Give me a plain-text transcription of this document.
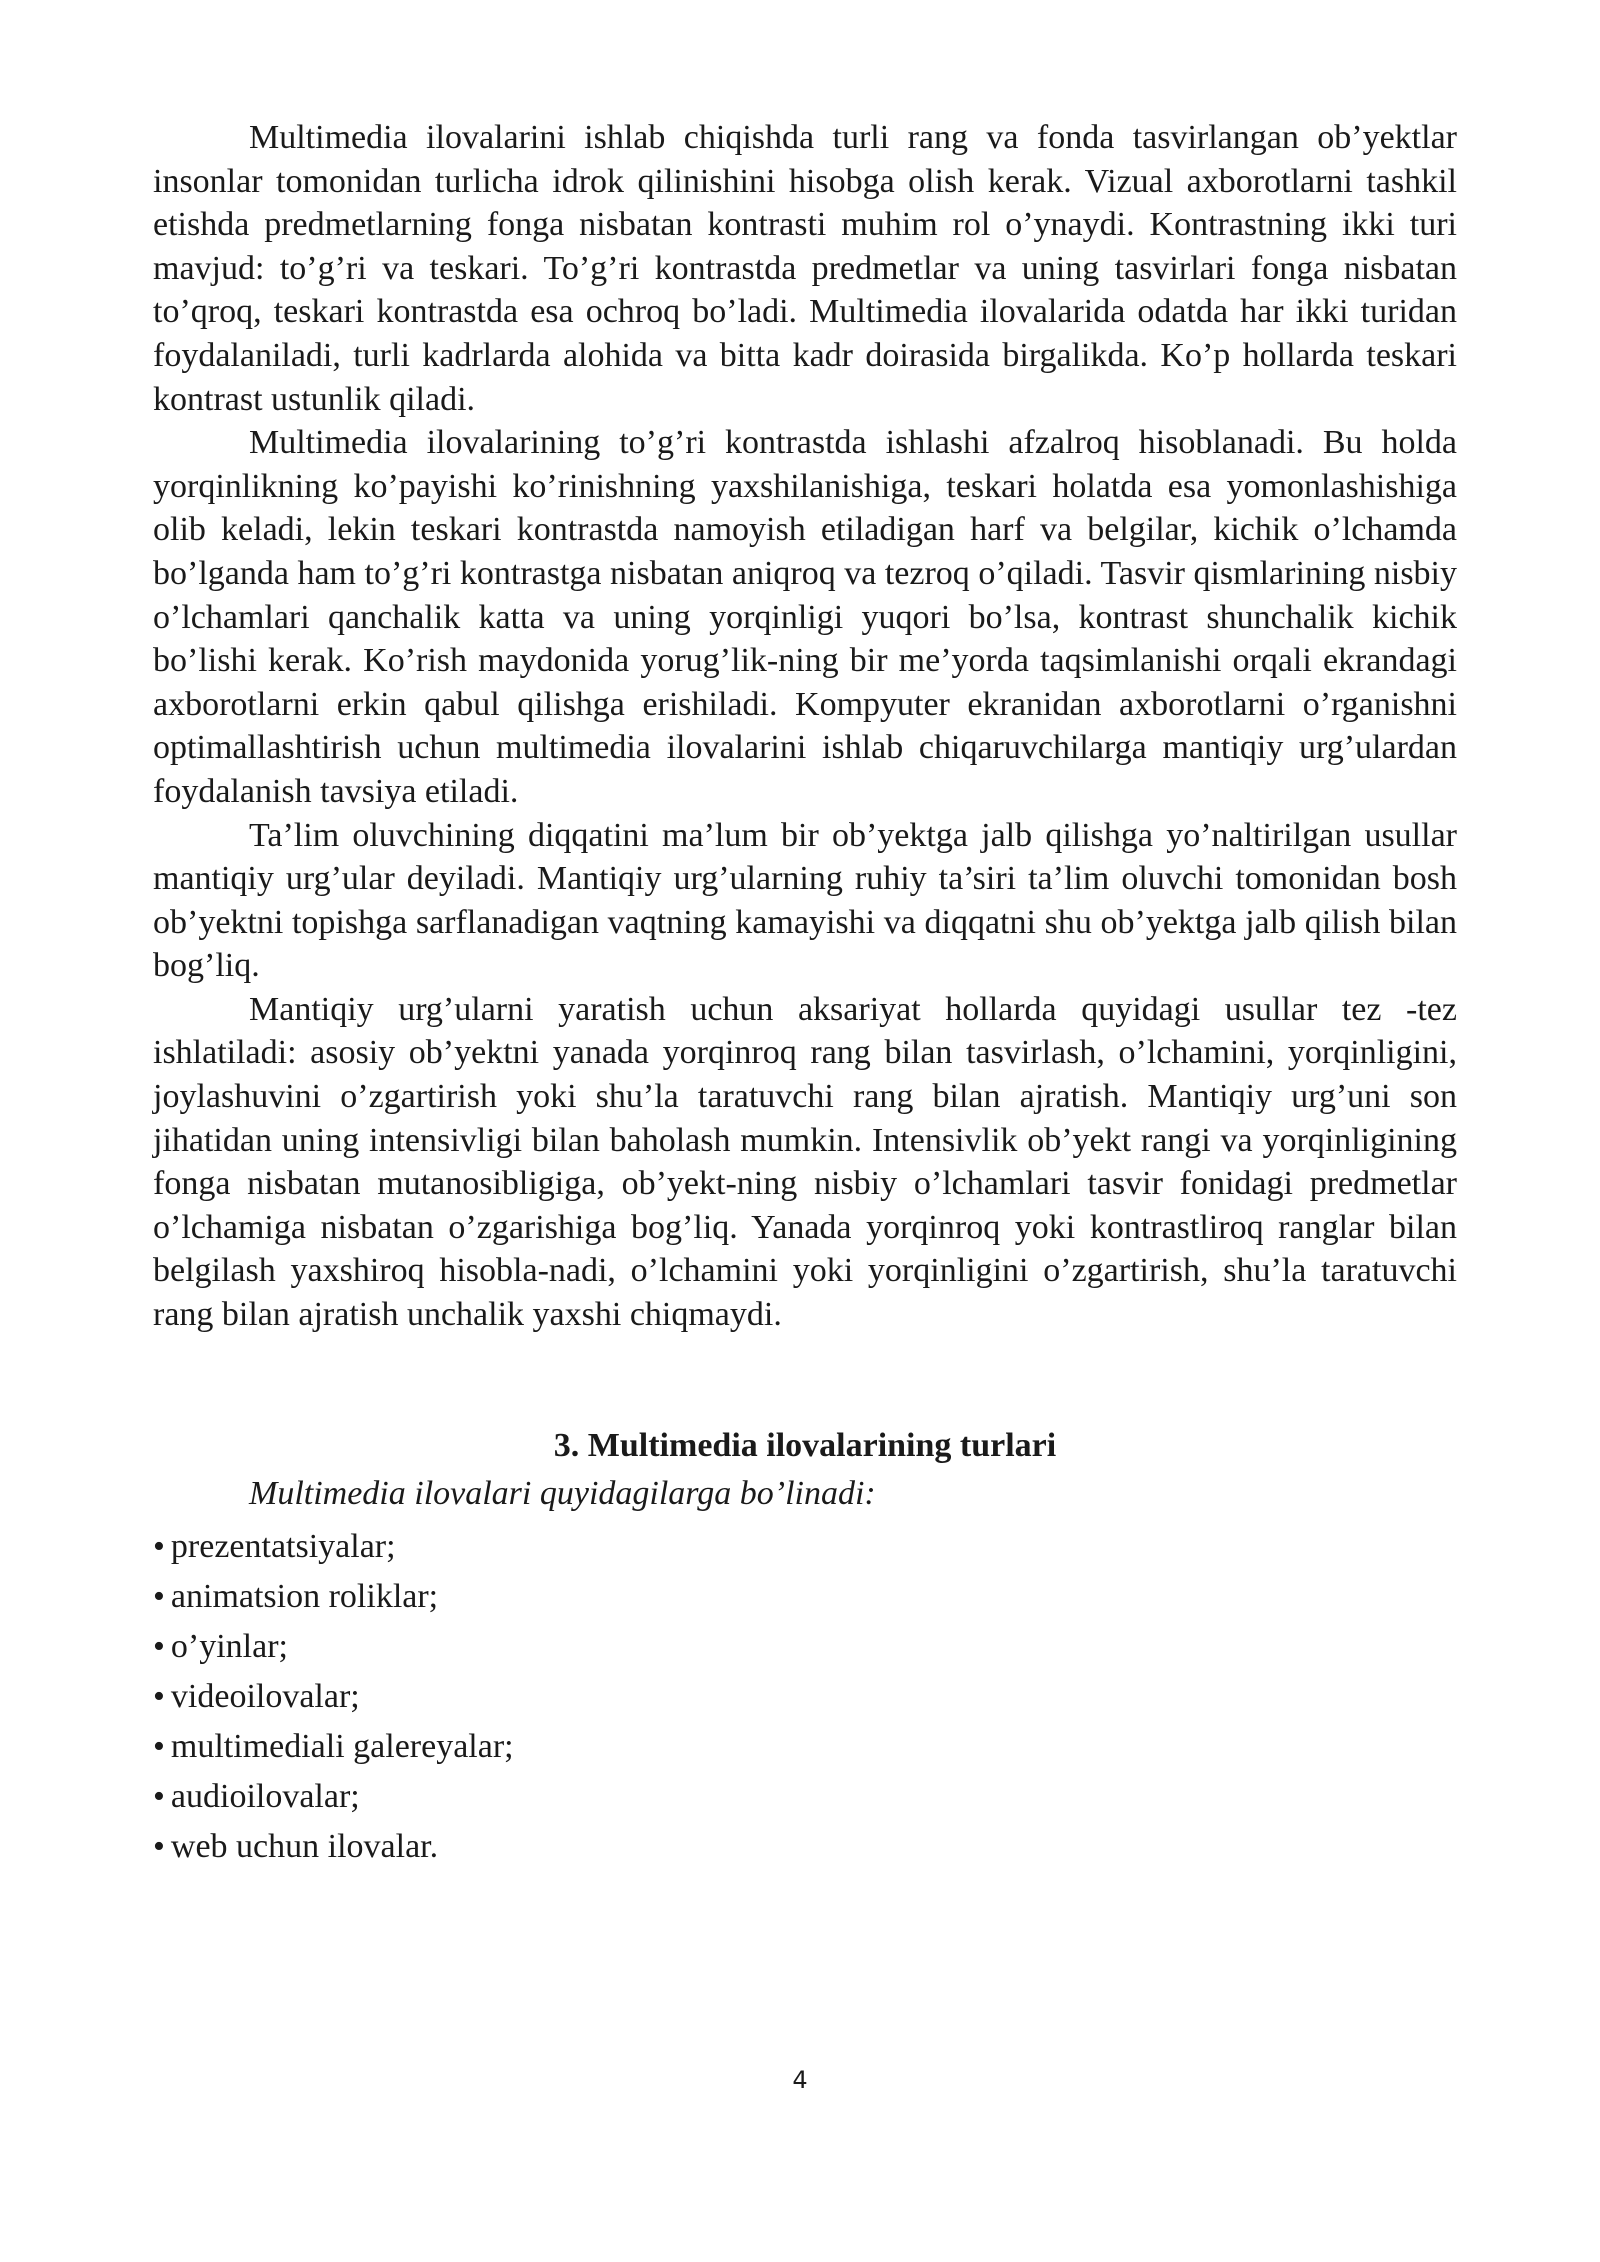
Multimedia ilovalarini ishlab chiqishda turli rang va fonda tasvirlangan ob’yektlar insonlar tomonidan turlicha idrok qilinishini hisobga olish kerak. Vizual axborotlarni tashkil etishda predmetlarning fonga nisbatan kontrasti muhim rol o’ynaydi. Kontrastning ikki turi mavjud: to’g’ri va teskari. To’g’ri kontrastda predmetlar va uning tasvirlari fonga nisbatan to’qroq, teskari kontrastda esa ochroq bo’ladi. Multimedia ilovalarida odatda har ikki turidan foydalaniladi, turli kadrlarda alohida va bitta kadr doirasida birgalikda. Ko’p hollarda teskari kontrast ustunlik qiladi.

Multimedia ilovalarining to’g’ri kontrastda ishlashi afzalroq hisoblanadi. Bu holda yorqinlikning ko’payishi ko’rinishning yaxshilanishiga, teskari holatda esa yomonlashishiga olib keladi, lekin teskari kontrastda namoyish etiladigan harf va belgilar, kichik o’lchamda bo’lganda ham to’g’ri kontrastga nisbatan aniqroq va tezroq o’qiladi. Tasvir qismlarining nisbiy o’lchamlari qanchalik katta va uning yorqinligi yuqori bo’lsa, kontrast shunchalik kichik bo’lishi kerak. Ko’rish maydonida yorug’lik-ning bir me’yorda taqsimlanishi orqali ekrandagi axborotlarni erkin qabul qilishga erishiladi. Kompyuter ekranidan axborotlarni o’rganishni optimallashtirish uchun multimedia ilovalarini ishlab chiqaruvchilarga mantiqiy urg’ulardan foydalanish tavsiya etiladi.

Ta’lim oluvchining diqqatini ma’lum bir ob’yektga jalb qilishga yo’naltirilgan usullar mantiqiy urg’ular deyiladi. Mantiqiy urg’ularning ruhiy ta’siri ta’lim oluvchi tomonidan bosh ob’yektni topishga sarflanadigan vaqtning kamayishi va diqqatni shu ob’yektga jalb qilish bilan bog’liq.

Mantiqiy urg’ularni yaratish uchun aksariyat hollarda quyidagi usullar tez -tez ishlatiladi: asosiy ob’yektni yanada yorqinroq rang bilan tasvirlash, o’lchamini, yorqinligini, joylashuvini o’zgartirish yoki shu’la taratuvchi rang bilan ajratish. Mantiqiy urg’uni son jihatidan uning intensivligi bilan baholash mumkin. Intensivlik ob’yekt rangi va yorqinligining fonga nisbatan mutanosibligiga, ob’yekt-ning nisbiy o’lchamlari tasvir fonidagi predmetlar o’lchamiga nisbatan o’zgarishiga bog’liq. Yanada yorqinroq yoki kontrastliroq ranglar bilan belgilash yaxshiroq hisobla-nadi, o’lchamini yoki yorqinligini o’zgartirish, shu’la taratuvchi rang bilan ajratish unchalik yaxshi chiqmaydi.

3. Multimedia ilovalarining turlari

Multimedia ilovalari quyidagilarga bo’linadi:

• prezentatsiyalar;
• animatsion roliklar;
• o’yinlar;
• videoilovalar;
• multimediali galereyalar;
• audioilovalar;
• web uchun ilovalar.
4
